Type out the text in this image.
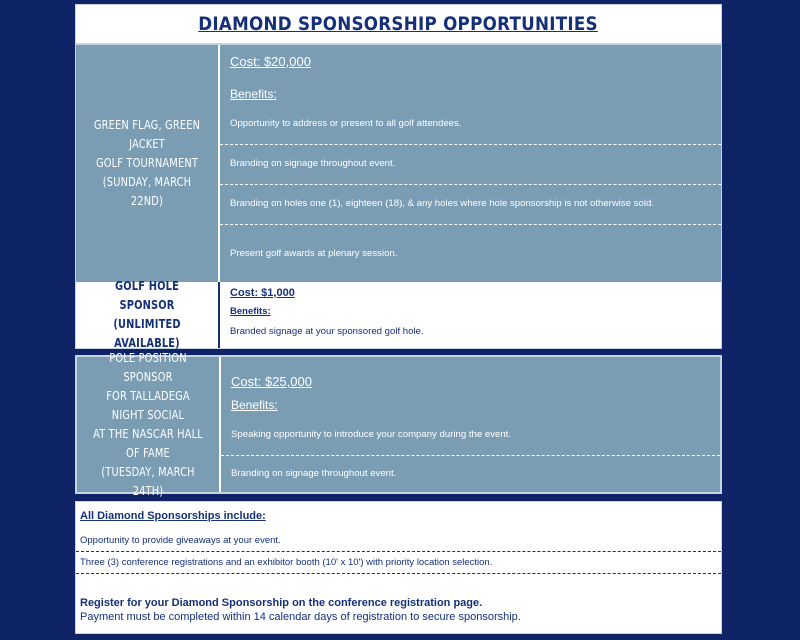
DIAMOND SPONSORSHIP OPPORTUNITIES
GREEN FLAG, GREEN JACKET
GOLF TOURNAMENT
(SUNDAY, MARCH 22ND)
Cost: $20,000
Benefits:
Opportunity to address or present to all golf attendees.
Branding on signage throughout event.
Branding on holes one (1), eighteen (18), & any holes where hole sponsorship is not otherwise sold.
Present golf awards at plenary session.
GOLF HOLE SPONSOR
(UNLIMITED AVAILABLE)
Cost: $1,000
Benefits:
Branded signage at your sponsored golf hole.
POLE POSITION SPONSOR
FOR TALLADEGA NIGHT SOCIAL
AT THE NASCAR HALL OF FAME
(TUESDAY, MARCH 24TH)
Cost: $25,000
Benefits:
Speaking opportunity to introduce your company during the event.
Branding on signage throughout event.
All Diamond Sponsorships include:
Opportunity to provide giveaways at your event.
Three (3) conference registrations and an exhibitor booth (10' x 10') with priority location selection.
Register for your Diamond Sponsorship on the conference registration page.
Payment must be completed within 14 calendar days of registration to secure sponsorship.
